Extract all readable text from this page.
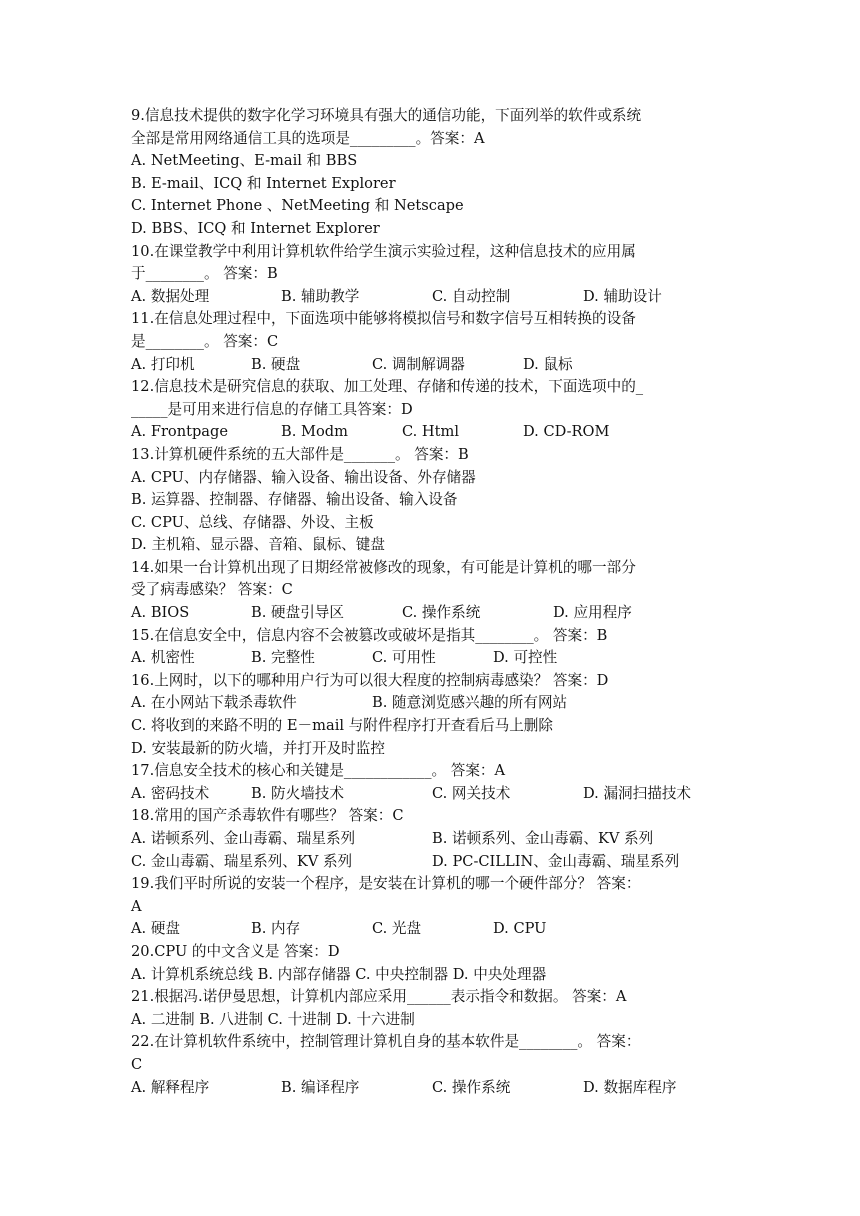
9.信息技术提供的数字化学习环境具有强大的通信功能，下面列举的软件或系统
全部是常用网络通信工具的选项是_________。答案：A
A. NetMeeting、E-mail 和 BBS
B. E-mail、ICQ 和 Internet Explorer
C. Internet Phone 、NetMeeting 和 Netscape
D. BBS、ICQ 和 Internet Explorer
10.在课堂教学中利用计算机软件给学生演示实验过程，这种信息技术的应用属
于________。 答案：B
A. 数据处理	B. 辅助教学	C. 自动控制	D. 辅助设计
11.在信息处理过程中，下面选项中能够将模拟信号和数字信号互相转换的设备
是________。 答案：C
A. 打印机	B. 硬盘	C. 调制解调器	D. 鼠标
12.信息技术是研究信息的获取、加工处理、存储和传递的技术，下面选项中的_
_____是可用来进行信息的存储工具答案：D
A. Frontpage	B. Modm	C. Html	D. CD-ROM
13.计算机硬件系统的五大部件是_______。 答案：B
A. CPU、内存储器、输入设备、输出设备、外存储器
B. 运算器、控制器、存储器、输出设备、输入设备
C. CPU、总线、存储器、外设、主板
D. 主机箱、显示器、音箱、鼠标、键盘
14.如果一台计算机出现了日期经常被修改的现象，有可能是计算机的哪一部分
受了病毒感染？ 答案：C
A. BIOS	B. 硬盘引导区	C. 操作系统	D. 应用程序
15.在信息安全中，信息内容不会被篡改或破坏是指其________。 答案：B
A. 机密性	B. 完整性	C. 可用性	D. 可控性
16.上网时，以下的哪种用户行为可以很大程度的控制病毒感染？ 答案：D
A. 在小网站下载杀毒软件	B. 随意浏览感兴趣的所有网站
C. 将收到的来路不明的 E－mail 与附件程序打开查看后马上删除
D. 安装最新的防火墙，并打开及时监控
17.信息安全技术的核心和关键是____________。 答案：A
A. 密码技术	B. 防火墙技术	C. 网关技术	D. 漏洞扫描技术
18.常用的国产杀毒软件有哪些？ 答案：C
A. 诺顿系列、金山毒霸、瑞星系列	B. 诺顿系列、金山毒霸、KV 系列
C. 金山毒霸、瑞星系列、KV 系列	D. PC-CILLIN、金山毒霸、瑞星系列
19.我们平时所说的安装一个程序，是安装在计算机的哪一个硬件部分？ 答案：
A
A. 硬盘	B. 内存	C. 光盘	D. CPU
20.CPU 的中文含义是 答案：D
A. 计算机系统总线 B. 内部存储器 C. 中央控制器 D. 中央处理器
21.根据冯.诺伊曼思想，计算机内部应采用______表示指令和数据。 答案：A
A. 二进制 B. 八进制 C. 十进制 D. 十六进制
22.在计算机软件系统中，控制管理计算机自身的基本软件是________。 答案：
C
A. 解释程序	B. 编译程序	C. 操作系统	D. 数据库程序
